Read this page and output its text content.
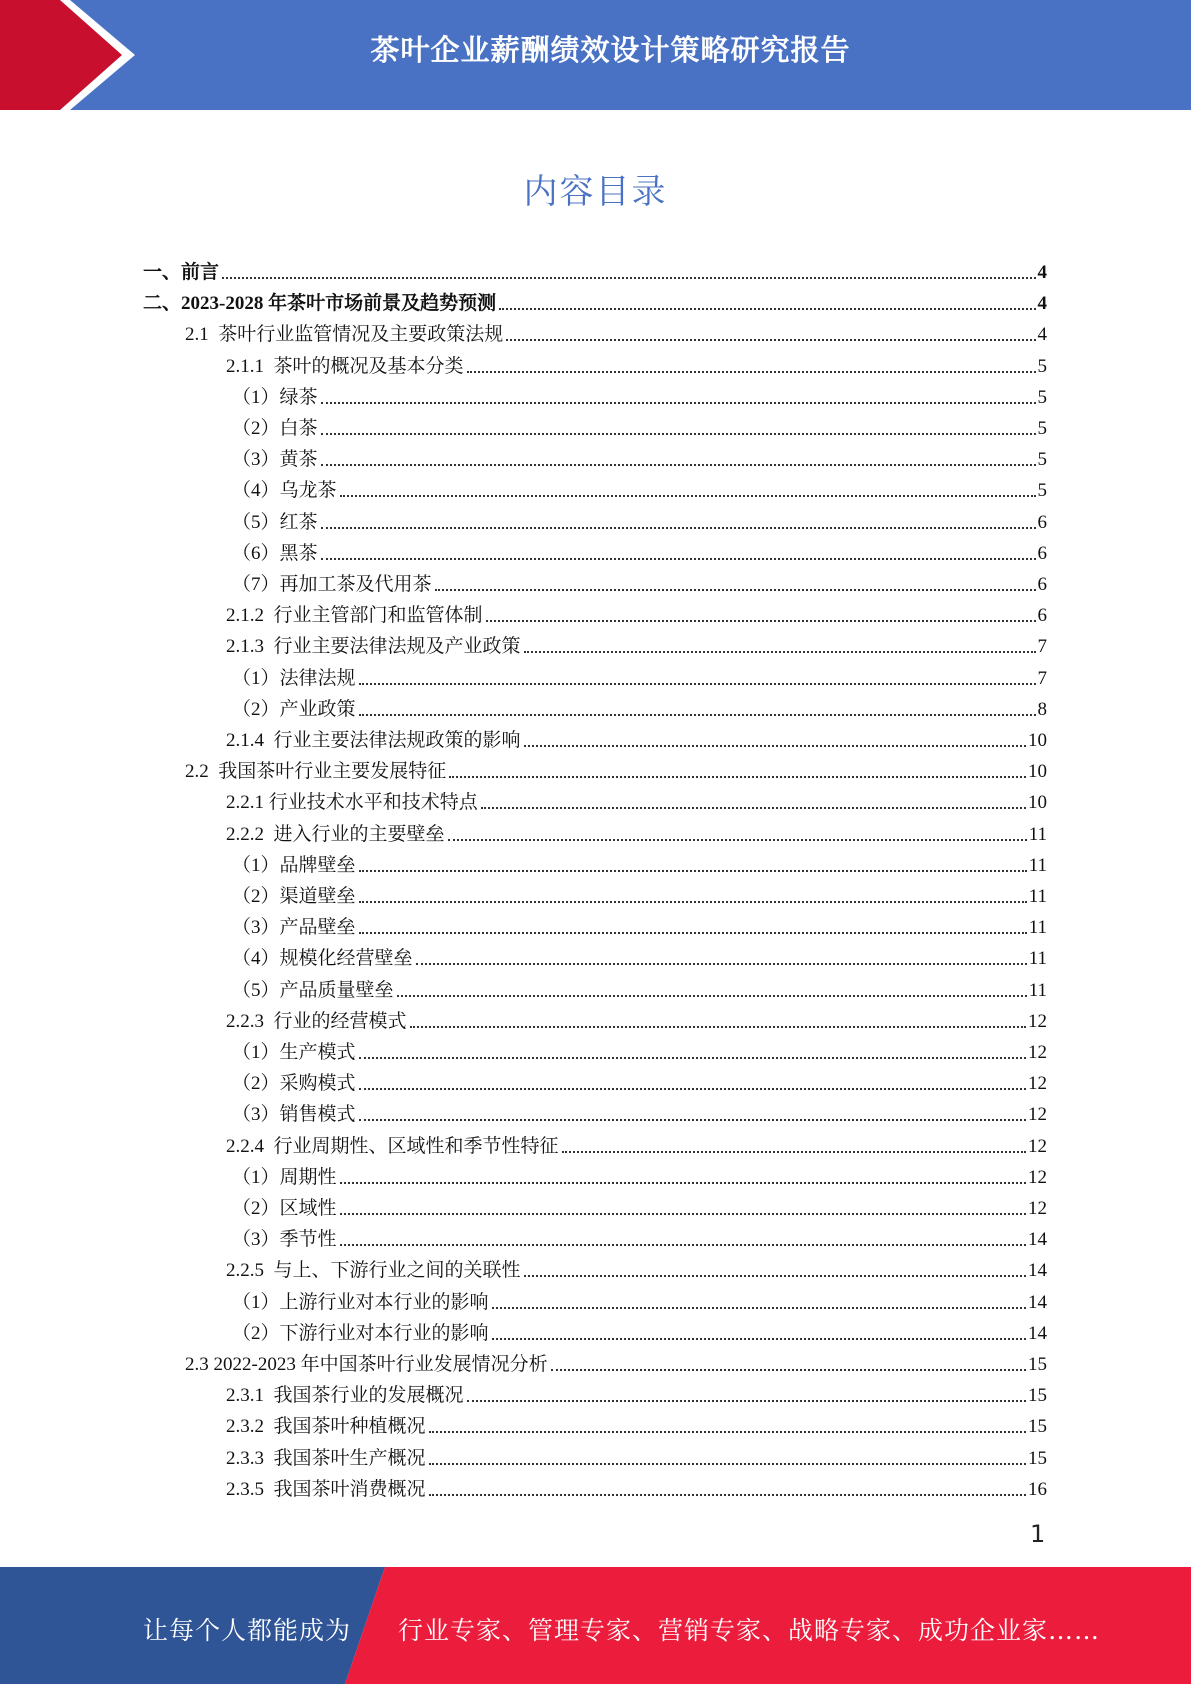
茶叶企业薪酬绩效设计策略研究报告
内容目录
一、前言	4
二、2023-2028 年茶叶市场前景及趋势预测	4
2.1  茶叶行业监管情况及主要政策法规	4
2.1.1  茶叶的概况及基本分类	5
（1）绿茶	5
（2）白茶	5
（3）黄茶	5
（4）乌龙茶	5
（5）红茶	6
（6）黑茶	6
（7）再加工茶及代用茶	6
2.1.2  行业主管部门和监管体制	6
2.1.3  行业主要法律法规及产业政策	7
（1）法律法规	7
（2）产业政策	8
2.1.4  行业主要法律法规政策的影响	10
2.2  我国茶叶行业主要发展特征	10
2.2.1 行业技术水平和技术特点	10
2.2.2  进入行业的主要壁垒	11
（1）品牌壁垒	11
（2）渠道壁垒	11
（3）产品壁垒	11
（4）规模化经营壁垒	11
（5）产品质量壁垒	11
2.2.3  行业的经营模式	12
（1）生产模式	12
（2）采购模式	12
（3）销售模式	12
2.2.4  行业周期性、区域性和季节性特征	12
（1）周期性	12
（2）区域性	12
（3）季节性	14
2.2.5  与上、下游行业之间的关联性	14
（1）上游行业对本行业的影响	14
（2）下游行业对本行业的影响	14
2.3 2022-2023 年中国茶叶行业发展情况分析	15
2.3.1  我国茶行业的发展概况	15
2.3.2  我国茶叶种植概况	15
2.3.3  我国茶叶生产概况	15
2.3.5  我国茶叶消费概况	16
1
让每个人都能成为 行业专家、管理专家、营销专家、战略专家、成功企业家……
